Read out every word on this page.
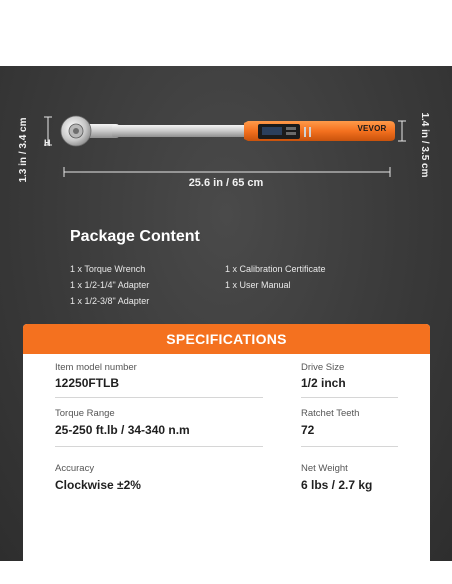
1.3 in / 3.4 cm	H	1.4 in / 3.5 cm
VEVOR
25.6 in / 65 cm
Package Content
1 x Torque Wrench
1 x 1/2-1/4" Adapter
1 x 1/2-3/8" Adapter
1 x Calibration Certificate
1 x User Manual
SPECIFICATIONS
Item model number
12250FTLB
Drive Size
1/2 inch
Torque Range
25-250 ft.lb / 34-340 n.m
Ratchet Teeth
72
Accuracy
Clockwise ±2%
Net Weight
6 lbs / 2.7 kg
